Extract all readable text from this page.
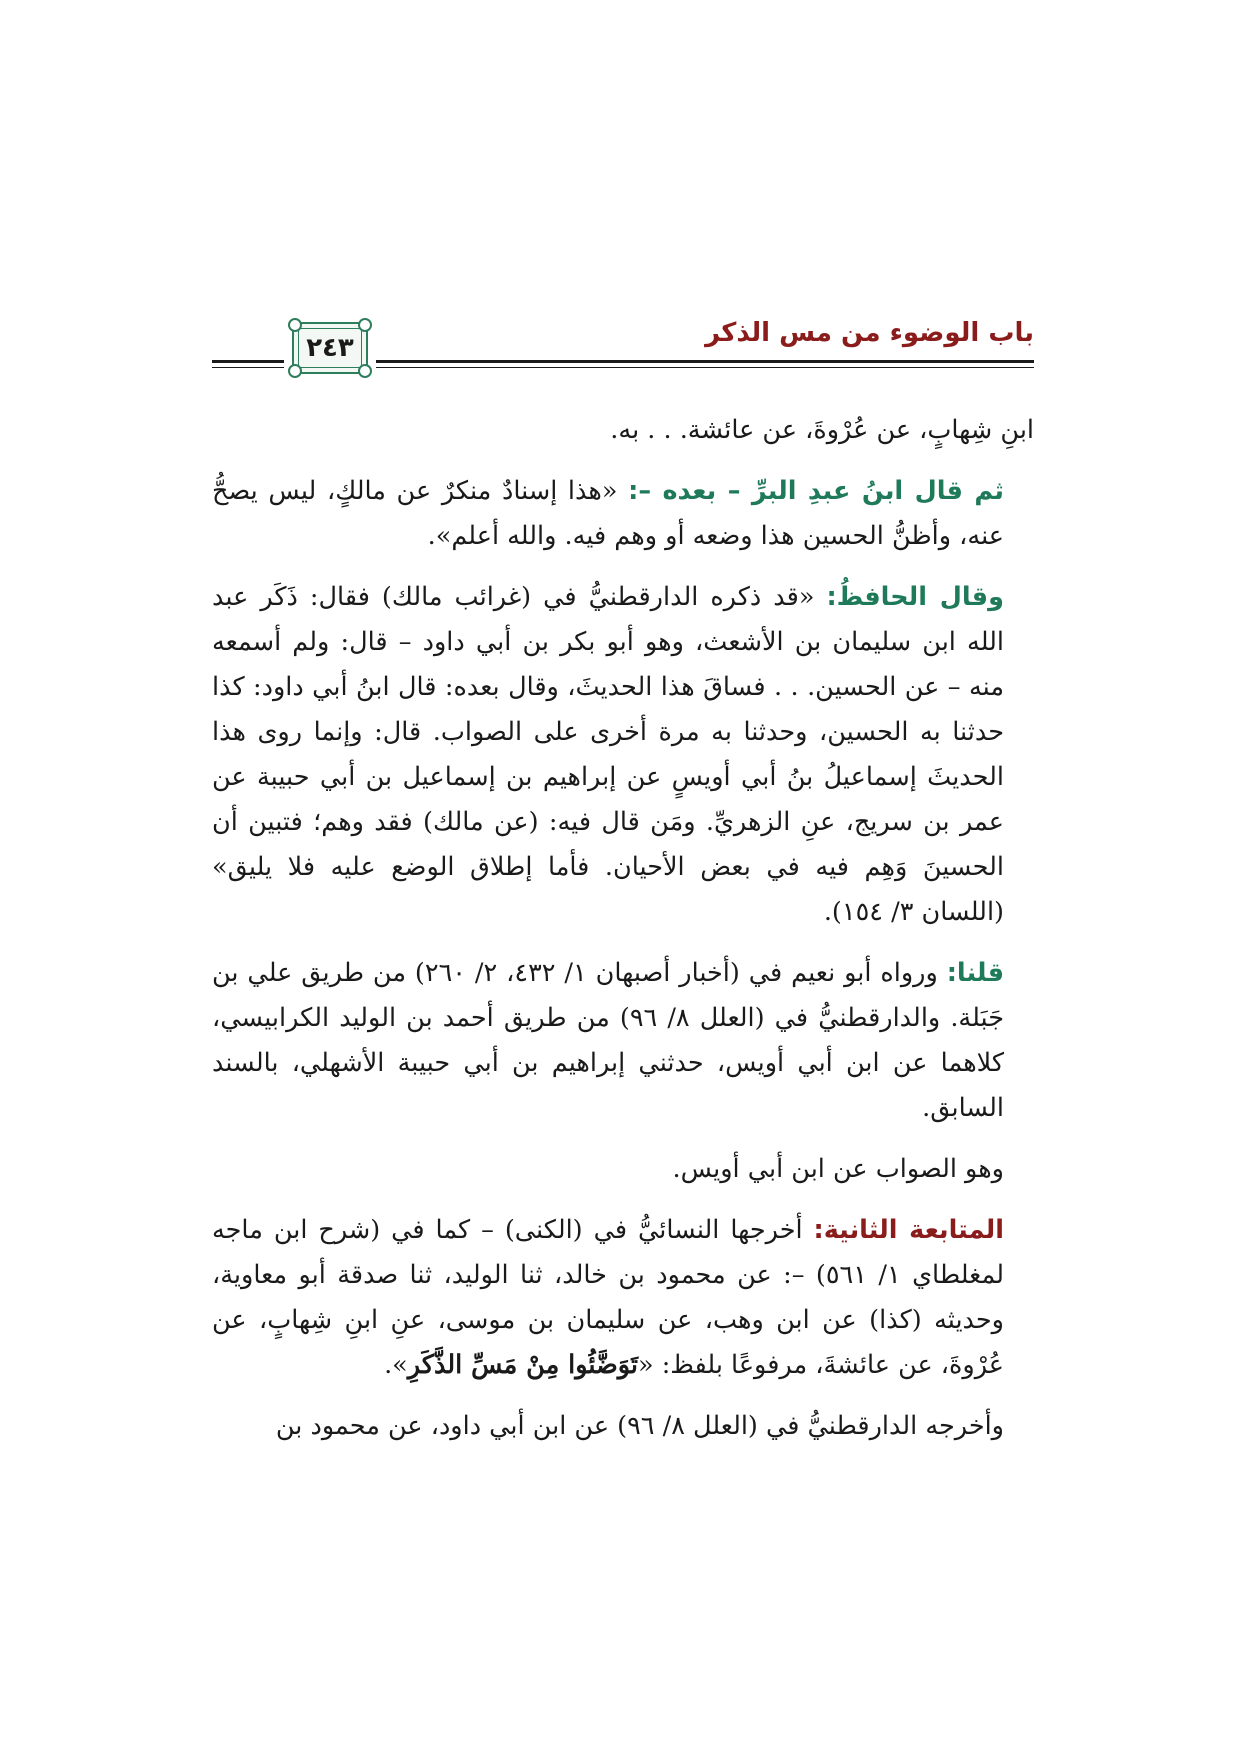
باب الوضوء من مس الذكر
٢٤٣

ابنِ شِهابٍ، عن عُرْوةَ، عن عائشة. . . به.

ثم قال ابنُ عبدِ البرِّ – بعده –: «هذا إسنادٌ منكرٌ عن مالكٍ، ليس يصحُّ عنه، وأظنُّ الحسين هذا وضعه أو وهم فيه. والله أعلم».

وقال الحافظُ: «قد ذكره الدارقطنيُّ في (غرائب مالك) فقال: ذَكَر عبد الله ابن سليمان بن الأشعث، وهو أبو بكر بن أبي داود – قال: ولم أسمعه منه – عن الحسين. . . فساقَ هذا الحديثَ، وقال بعده: قال ابنُ أبي داود: كذا حدثنا به الحسين، وحدثنا به مرة أخرى على الصواب. قال: وإنما روى هذا الحديثَ إسماعيلُ بنُ أبي أويسٍ عن إبراهيم بن إسماعيل بن أبي حبيبة عن عمر بن سريج، عنِ الزهريِّ. ومَن قال فيه: (عن مالك) فقد وهم؛ فتبين أن الحسينَ وَهِم فيه في بعض الأحيان. فأما إطلاق الوضع عليه فلا يليق» (اللسان ٣/ ١٥٤).

قلنا: ورواه أبو نعيم في (أخبار أصبهان ١/ ٤٣٢، ٢/ ٢٦٠) من طريق علي بن جَبَلة. والدارقطنيُّ في (العلل ٨/ ٩٦) من طريق أحمد بن الوليد الكرابيسي، كلاهما عن ابن أبي أويس، حدثني إبراهيم بن أبي حبيبة الأشهلي، بالسند السابق.

وهو الصواب عن ابن أبي أويس.

المتابعة الثانية: أخرجها النسائيُّ في (الكنى) – كما في (شرح ابن ماجه لمغلطاي ١/ ٥٦١) –: عن محمود بن خالد، ثنا الوليد، ثنا صدقة أبو معاوية، وحديثه (كذا) عن ابن وهب، عن سليمان بن موسى، عنِ ابنِ شِهابٍ، عن عُرْوةَ، عن عائشةَ، مرفوعًا بلفظ: «تَوَضَّئُوا مِنْ مَسِّ الذَّكَرِ».

وأخرجه الدارقطنيُّ في (العلل ٨/ ٩٦) عن ابن أبي داود، عن محمود بن
